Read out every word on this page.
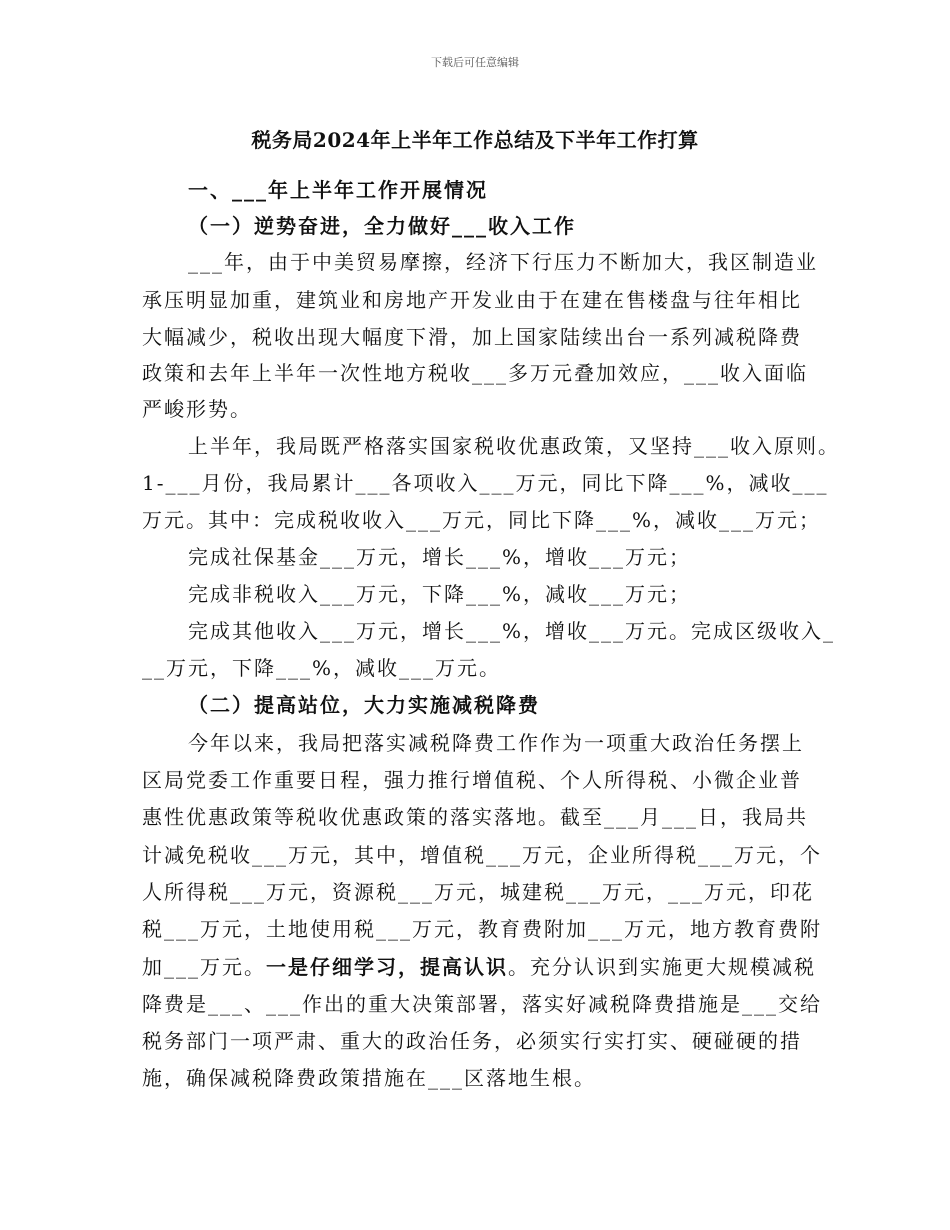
下载后可任意编辑
税务局2024年上半年工作总结及下半年工作打算
一、___年上半年工作开展情况
（一）逆势奋进，全力做好___收入工作
___年，由于中美贸易摩擦，经济下行压力不断加大，我区制造业
承压明显加重，建筑业和房地产开发业由于在建在售楼盘与往年相比
大幅减少，税收出现大幅度下滑，加上国家陆续出台一系列减税降费
政策和去年上半年一次性地方税收___多万元叠加效应，___收入面临
严峻形势。
上半年，我局既严格落实国家税收优惠政策，又坚持___收入原则。
1-___月份，我局累计___各项收入___万元，同比下降___%，减收___
万元。其中：完成税收收入___万元，同比下降___%，减收___万元；
完成社保基金___万元，增长___%，增收___万元；
完成非税收入___万元，下降___%，减收___万元；
完成其他收入___万元，增长___%，增收___万元。完成区级收入_
__万元，下降___%，减收___万元。
（二）提高站位，大力实施减税降费
今年以来，我局把落实减税降费工作作为一项重大政治任务摆上
区局党委工作重要日程，强力推行增值税、个人所得税、小微企业普
惠性优惠政策等税收优惠政策的落实落地。截至___月___日，我局共
计减免税收___万元，其中，增值税___万元，企业所得税___万元，个
人所得税___万元，资源税___万元，城建税___万元，___万元，印花
税___万元，土地使用税___万元，教育费附加___万元，地方教育费附
加___万元。一是仔细学习，提高认识。充分认识到实施更大规模减税
降费是___、___作出的重大决策部署，落实好减税降费措施是___交给
税务部门一项严肃、重大的政治任务，必须实行实打实、硬碰硬的措
施，确保减税降费政策措施在___区落地生根。
